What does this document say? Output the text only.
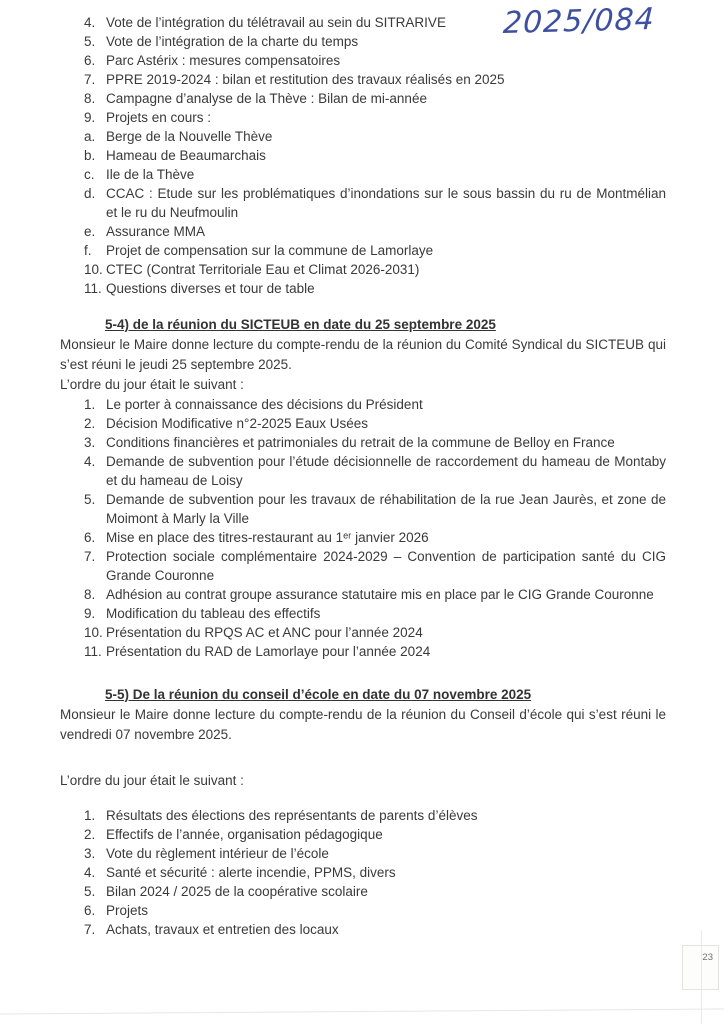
2025/084
4. Vote de l’intégration du télétravail au sein du SITRARIVE
5. Vote de l’intégration de la charte du temps
6. Parc Astérix : mesures compensatoires
7. PPRE 2019-2024 : bilan et restitution des travaux réalisés en 2025
8. Campagne d’analyse de la Thève : Bilan de mi-année
9. Projets en cours :
a. Berge de la Nouvelle Thève
b. Hameau de Beaumarchais
c. Ile de la Thève
d. CCAC : Etude sur les problématiques d’inondations sur le sous bassin du ru de Montmélian et le ru du Neufmoulin
e. Assurance MMA
f.	Projet de compensation sur la commune de Lamorlaye
10. CTEC (Contrat Territoriale Eau et Climat 2026-2031)
11. Questions diverses et tour de table
5-4) de la réunion du SICTEUB en date du 25 septembre 2025

Monsieur le Maire donne lecture du compte-rendu de la réunion du Comité Syndical du SICTEUB qui s’est réuni le jeudi 25 septembre 2025.

L’ordre du jour était le suivant :

1. Le porter à connaissance des décisions du Président
2. Décision Modificative n°2-2025 Eaux Usées
3. Conditions financières et patrimoniales du retrait de la commune de Belloy en France
4. Demande de subvention pour l’étude décisionnelle de raccordement du hameau de Montaby et du hameau de Loisy
5. Demande de subvention pour les travaux de réhabilitation de la rue Jean Jaurès, et zone de Moimont à Marly la Ville
6. Mise en place des titres-restaurant au 1ᵉʳ janvier 2026
7. Protection sociale complémentaire 2024-2029 – Convention de participation santé du CIG Grande Couronne
8. Adhésion au contrat groupe assurance statutaire mis en place par le CIG Grande Couronne
9. Modification du tableau des effectifs
10. Présentation du RPQS AC et ANC pour l’année 2024
11. Présentation du RAD de Lamorlaye pour l’année 2024
5-5) De la réunion du conseil d’école en date du 07 novembre 2025

Monsieur le Maire donne lecture du compte-rendu de la réunion du Conseil d’école qui s’est réuni le vendredi 07 novembre 2025.

L’ordre du jour était le suivant :

1. Résultats des élections des représentants de parents d’élèves
2. Effectifs de l’année, organisation pédagogique
3. Vote du règlement intérieur de l’école
4. Santé et sécurité : alerte incendie, PPMS, divers
5. Bilan 2024 / 2025 de la coopérative scolaire
6. Projets
7. Achats, travaux et entretien des locaux
23
